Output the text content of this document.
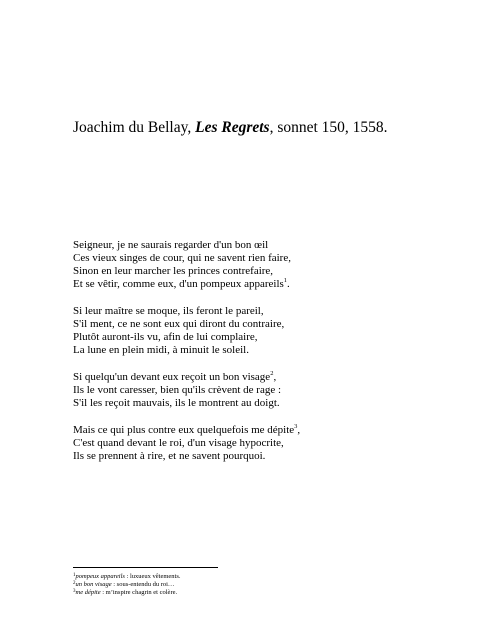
Joachim du Bellay, Les Regrets, sonnet 150, 1558.
Seigneur, je ne saurais regarder d'un bon œil
Ces vieux singes de cour, qui ne savent rien faire,
Sinon en leur marcher les princes contrefaire,
Et se vêtir, comme eux, d'un pompeux appareils$^1$.
Si leur maître se moque, ils feront le pareil,
S'il ment, ce ne sont eux qui diront du contraire,
Plutôt auront-ils vu, afin de lui complaire,
La lune en plein midi, à minuit le soleil.
Si quelqu'un devant eux reçoit un bon visage$^2$,
Ils le vont caresser, bien qu'ils crèvent de rage :
S'il les reçoit mauvais, ils le montrent au doigt.
Mais ce qui plus contre eux quelquefois me dépite$^3$,
C'est quand devant le roi, d'un visage hypocrite,
Ils se prennent à rire, et ne savent pourquoi.
$^1$pompeux appareils : luxueux vêtements.
$^2$un bon visage : sous-entendu du roi…
$^3$me dépite : m’inspire chagrin et colère.
